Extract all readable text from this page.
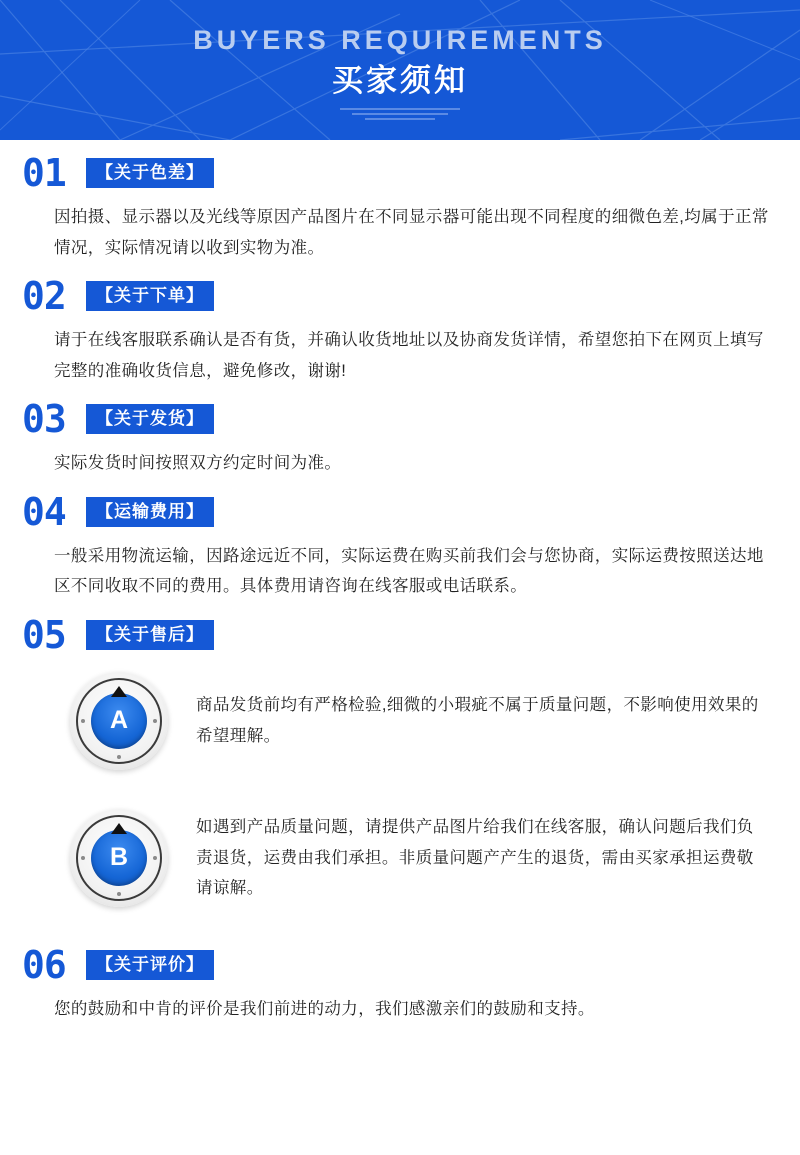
BUYERS REQUIREMENTS
买家须知
01	【关于色差】

因拍摄、显示器以及光线等原因产品图片在不同显示器可能出现不同程度的细微色差,均属于正常情况，实际情况请以收到实物为准。

02	【关于下单】

请于在线客服联系确认是否有货，并确认收货地址以及协商发货详情，希望您拍下在网页上填写完整的准确收货信息，避免修改，谢谢!

03	【关于发货】

实际发货时间按照双方约定时间为准。

04	【运输费用】

一般采用物流运输，因路途远近不同，实际运费在购买前我们会与您协商，实际运费按照送达地区不同收取不同的费用。具体费用请咨询在线客服或电话联系。

05	【关于售后】
A

商品发货前均有严格检验,细微的小瑕疵不属于质量问题，不影响使用效果的希望理解。

B

如遇到产品质量问题，请提供产品图片给我们在线客服，确认问题后我们负责退货，运费由我们承担。非质量问题产产生的退货，需由买家承担运费敬请谅解。

06	【关于评价】

您的鼓励和中肯的评价是我们前进的动力，我们感激亲们的鼓励和支持。
